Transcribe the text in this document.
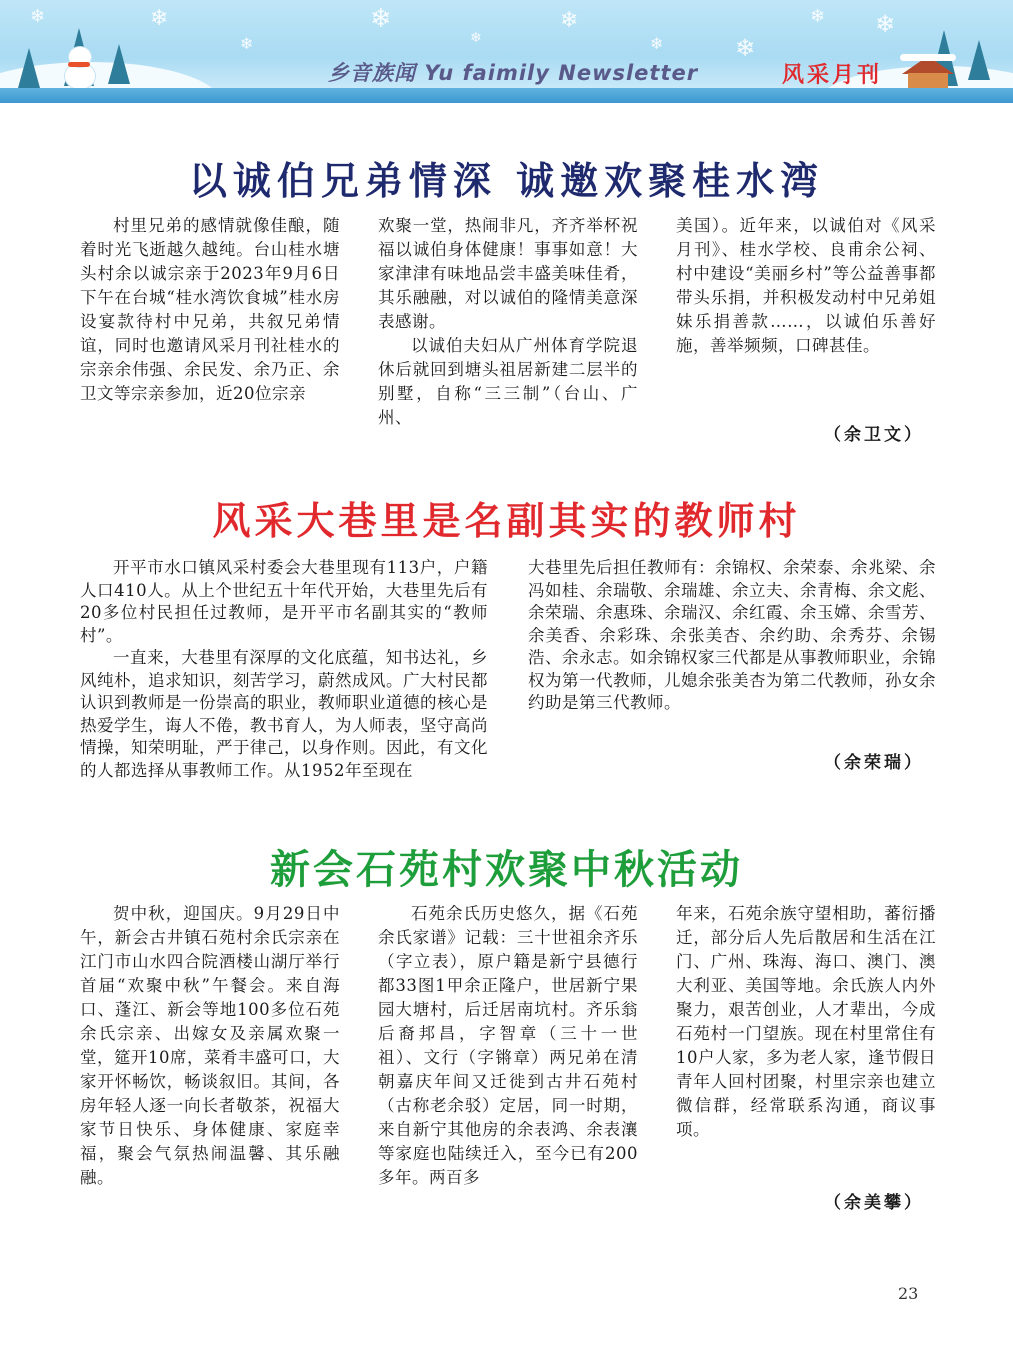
❄
❄
❄
❄
❄
❄	❄
❄ ❄
❄
乡音族闻 Yu faimily Newsletter	风采月刊
以诚伯兄弟情深 诚邀欢聚桂水湾

村里兄弟的感情就像佳酿，随着时光飞逝越久越纯。台山桂水塘头村余以诚宗亲于2023年9月6日下午在台城“桂水湾饮食城”桂水房设宴款待村中兄弟，共叙兄弟情谊，同时也邀请风采月刊社桂水的宗亲余伟强、余民发、余乃正、余卫文等宗亲参加，近20位宗亲

欢聚一堂，热闹非凡，齐齐举杯祝福以诚伯身体健康！事事如意！大家津津有味地品尝丰盛美味佳肴，其乐融融，对以诚伯的隆情美意深表感谢。

以诚伯夫妇从广州体育学院退休后就回到塘头祖居新建二层半的别墅，自称“三三制”（台山、广州、

美国）。近年来，以诚伯对《风采月刊》、桂水学校、良甫余公祠、村中建设“美丽乡村”等公益善事都带头乐捐，并积极发动村中兄弟姐妹乐捐善款……，以诚伯乐善好施，善举频频，口碑甚佳。

（余卫文）
风采大巷里是名副其实的教师村

开平市水口镇风采村委会大巷里现有113户，户籍人口410人。从上个世纪五十年代开始，大巷里先后有20多位村民担任过教师，是开平市名副其实的“教师村”。

一直来，大巷里有深厚的文化底蕴，知书达礼，乡风纯朴，追求知识，刻苦学习，蔚然成风。广大村民都认识到教师是一份崇高的职业，教师职业道德的核心是热爱学生，诲人不倦，教书育人，为人师表，坚守高尚情操，知荣明耻，严于律己，以身作则。因此，有文化的人都选择从事教师工作。从1952年至现在

大巷里先后担任教师有：余锦权、余荣泰、余兆梁、余冯如桂、余瑞敬、余瑞雄、余立夫、余青梅、余文彪、余荣瑞、余惠珠、余瑞汉、余红霞、余玉嫦、余雪芳、余美香、余彩珠、余张美杏、余约助、余秀芬、余锡浩、余永志。如余锦权家三代都是从事教师职业，余锦权为第一代教师，儿媳余张美杏为第二代教师，孙女余约助是第三代教师。

（余荣瑞）
新会石苑村欢聚中秋活动

贺中秋，迎国庆。9月29日中午，新会古井镇石苑村余氏宗亲在江门市山水四合院酒楼山湖厅举行首届“欢聚中秋”午餐会。来自海口、蓬江、新会等地100多位石苑余氏宗亲、出嫁女及亲属欢聚一堂，筵开10席，菜肴丰盛可口，大家开怀畅饮，畅谈叙旧。其间，各房年轻人逐一向长者敬茶，祝福大家节日快乐、身体健康、家庭幸福，聚会气氛热闹温馨、其乐融融。

石苑余氏历史悠久，据《石苑余氏家谱》记载：三十世祖余齐乐（字立表），原户籍是新宁县德行都33图1甲余正隆户，世居新宁果园大塘村，后迁居南坑村。齐乐翁后裔邦昌，字智章（三十一世祖）、文行（字锵章）两兄弟在清朝嘉庆年间又迁徙到古井石苑村（古称老余驳）定居，同一时期，来自新宁其他房的余表鸿、余表瀼等家庭也陆续迁入，至今已有200多年。两百多

年来，石苑余族守望相助，蕃衍播迁，部分后人先后散居和生活在江门、广州、珠海、海口、澳门、澳大利亚、美国等地。余氏族人内外聚力，艰苦创业，人才辈出，今成石苑村一门望族。现在村里常住有10户人家，多为老人家，逢节假日青年人回村团聚，村里宗亲也建立微信群，经常联系沟通，商议事项。

（余美攀）
23
